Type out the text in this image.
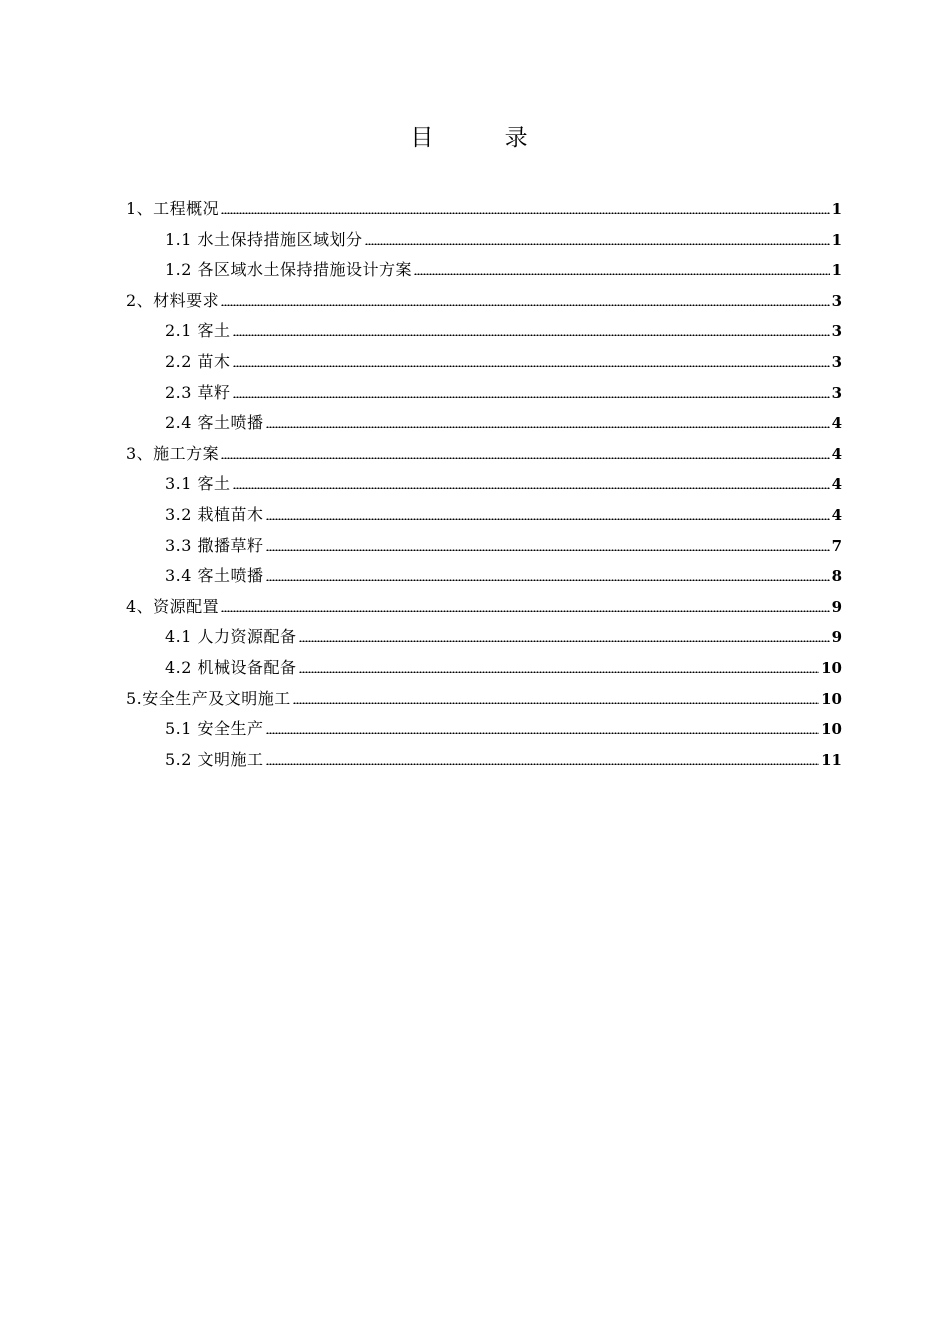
目 录
1、工程概况	1
1.1 水土保持措施区域划分	1
1.2 各区域水土保持措施设计方案	1
2、材料要求	3
2.1 客土	3
2.2 苗木	3
2.3 草籽	3
2.4 客土喷播	4
3、施工方案	4
3.1 客土	4
3.2 栽植苗木	4
3.3 撒播草籽	7
3.4 客土喷播	8
4、资源配置	9
4.1 人力资源配备	9
4.2 机械设备配备	10
5.安全生产及文明施工	10
5.1 安全生产	10
5.2 文明施工	11
